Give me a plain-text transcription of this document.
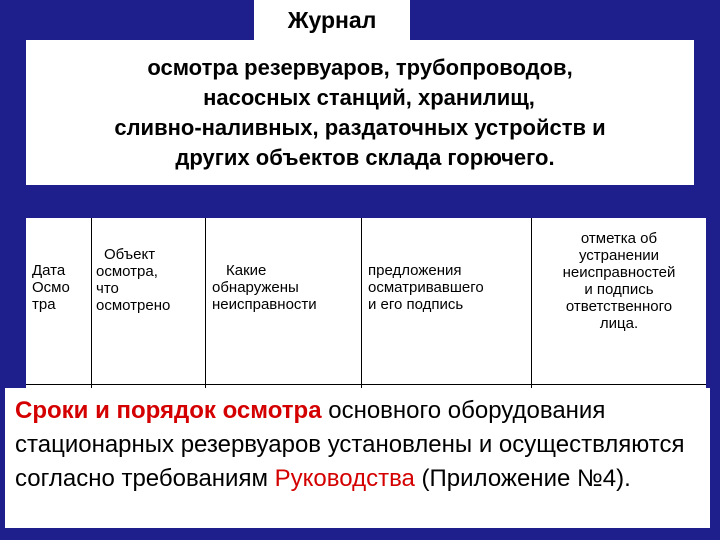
Журнал
осмотра резервуаров, трубопроводов,
насосных станций, хранилищ,
сливно-наливных, раздаточных устройств и
других объектов склада горючего.
Дата
Осмо
тра
Объект
осмотра,
что
осмотрено
Какие
обнаружены
неисправности
предложения
осматривавшего
и его подпись
отметка об
устранении
неисправностей
и подпись
ответственного
лица.
Сроки и порядок осмотра основного оборудования стационарных резервуаров установлены и осуществляются согласно требованиям Руководства (Приложение №4).
